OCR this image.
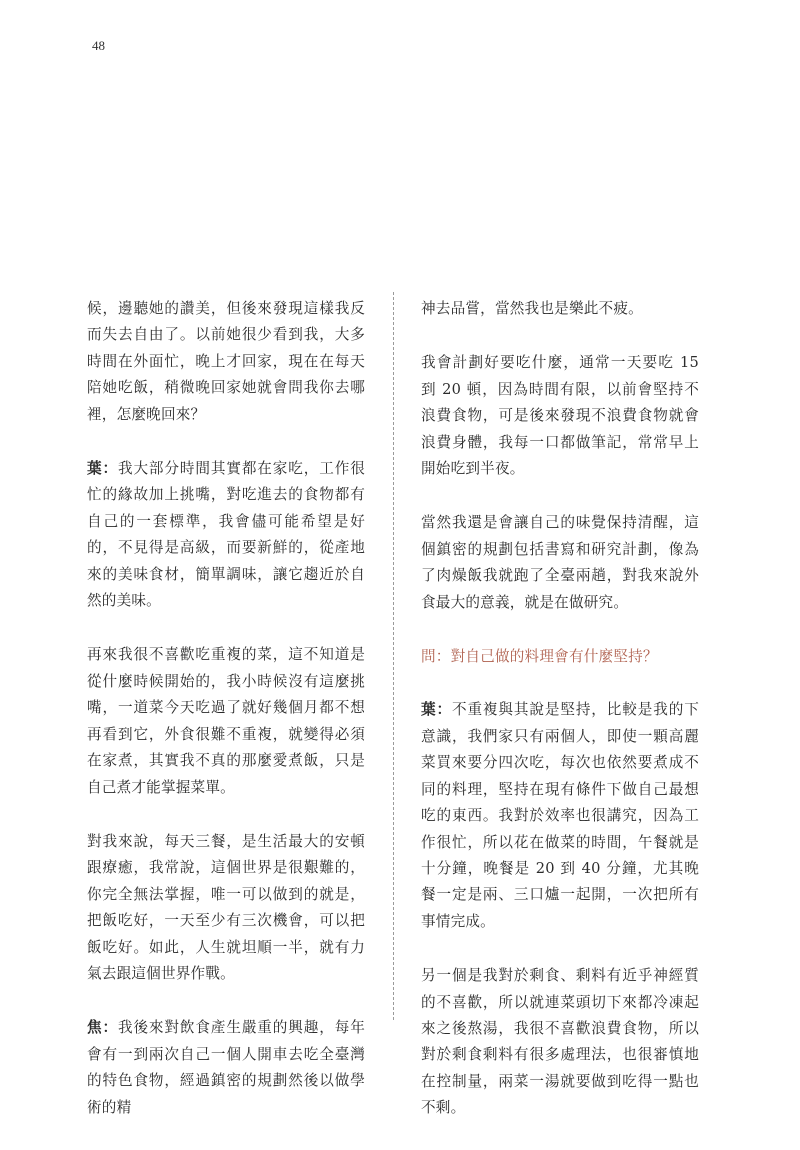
48

候，邊聽她的讚美，但後來發現這樣我反而失去自由了。以前她很少看到我，大多時間在外面忙，晚上才回家，現在在每天陪她吃飯，稍微晚回家她就會問我你去哪裡，怎麼晚回來？

葉：我大部分時間其實都在家吃，工作很忙的緣故加上挑嘴，對吃進去的食物都有自己的一套標準，我會儘可能希望是好的，不見得是高級，而要新鮮的，從產地來的美味食材，簡單調味，讓它趨近於自然的美味。

再來我很不喜歡吃重複的菜，這不知道是從什麼時候開始的，我小時候沒有這麼挑嘴，一道菜今天吃過了就好幾個月都不想再看到它，外食很難不重複，就變得必須在家煮，其實我不真的那麼愛煮飯，只是自己煮才能掌握菜單。

對我來說，每天三餐，是生活最大的安頓跟療癒，我常說，這個世界是很艱難的，你完全無法掌握，唯一可以做到的就是，把飯吃好，一天至少有三次機會，可以把飯吃好。如此，人生就坦順一半，就有力氣去跟這個世界作戰。

焦：我後來對飲食產生嚴重的興趣，每年會有一到兩次自己一個人開車去吃全臺灣的特色食物，經過鎮密的規劃然後以做學術的精

神去品嘗，當然我也是樂此不疲。

我會計劃好要吃什麼，通常一天要吃 15 到 20 頓，因為時間有限，以前會堅持不浪費食物，可是後來發現不浪費食物就會浪費身體，我每一口都做筆記，常常早上開始吃到半夜。

當然我還是會讓自己的味覺保持清醒，這個鎮密的規劃包括書寫和研究計劃，像為了肉燥飯我就跑了全臺兩趟，對我來說外食最大的意義，就是在做研究。

問：對自己做的料理會有什麼堅持？

葉：不重複與其說是堅持，比較是我的下意識，我們家只有兩個人，即使一顆高麗菜買來要分四次吃，每次也依然要煮成不同的料理，堅持在現有條件下做自己最想吃的東西。我對於效率也很講究，因為工作很忙，所以花在做菜的時間，午餐就是十分鐘，晚餐是 20 到 40 分鐘，尤其晚餐一定是兩、三口爐一起開，一次把所有事情完成。

另一個是我對於剩食、剩料有近乎神經質的不喜歡，所以就連菜頭切下來都冷凍起來之後熬湯，我很不喜歡浪費食物，所以對於剩食剩料有很多處理法，也很審慎地在控制量，兩菜一湯就要做到吃得一點也不剩。
